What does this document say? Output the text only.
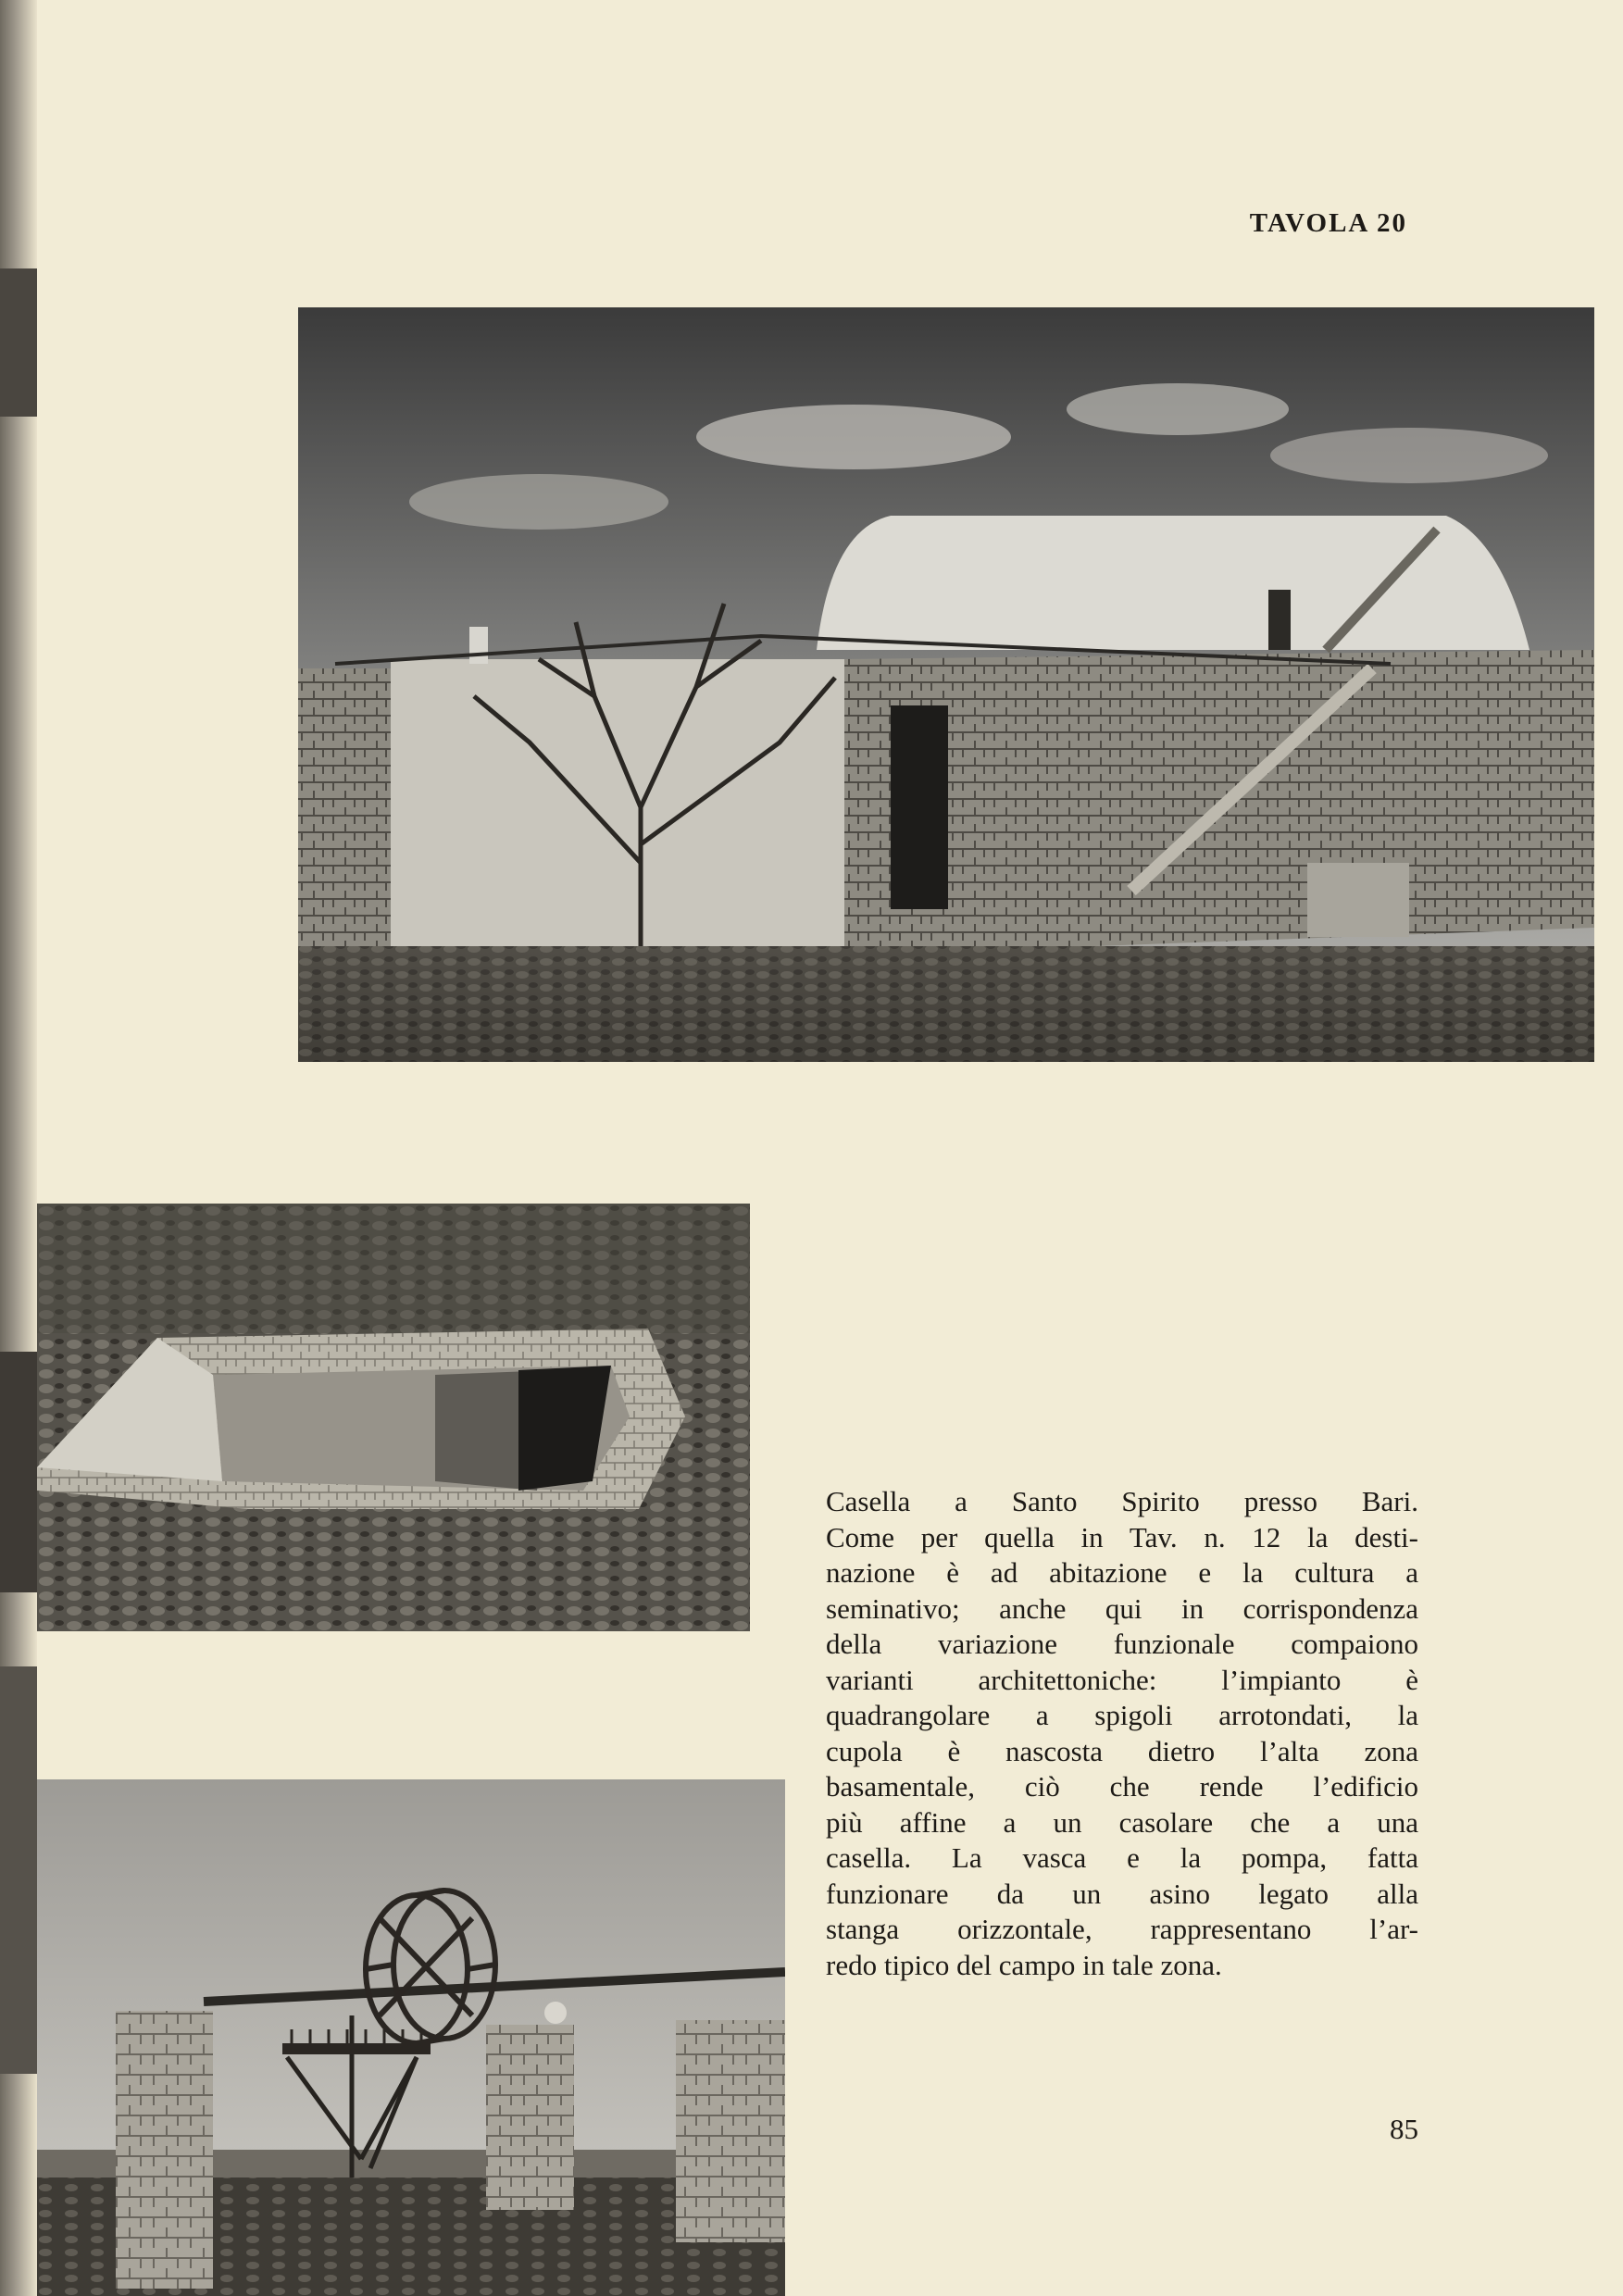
TAVOLA 20
Casella a Santo Spirito presso Bari.
Come per quella in Tav. n. 12 la desti-
nazione è ad abitazione e la cultura a
seminativo; anche qui in corrispondenza
della variazione funzionale compaiono
varianti architettoniche: l’impianto è
quadrangolare a spigoli arrotondati, la
cupola è nascosta dietro l’alta zona
basamentale, ciò che rende l’edificio
più affine a un casolare che a una
casella. La vasca e la pompa, fatta
funzionare da un asino legato alla
stanga orizzontale, rappresentano l’ar-
redo tipico del campo in tale zona.
85
